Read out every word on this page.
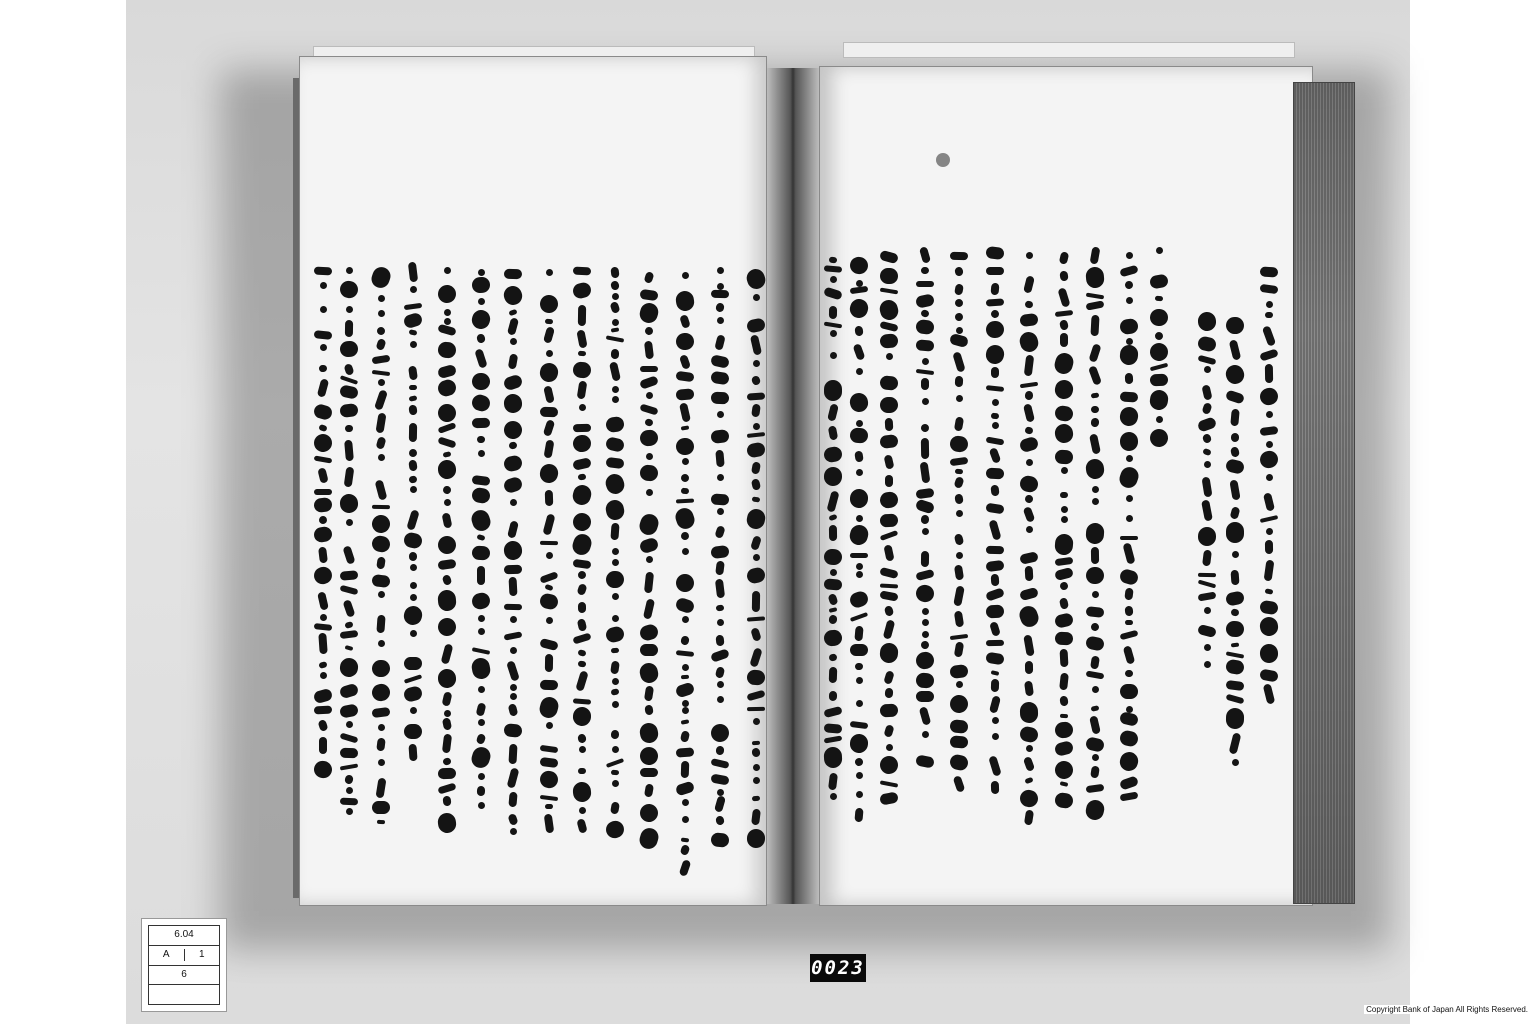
6.04
A	1
6	0023
Copyright Bank of Japan All Rights Reserved.
